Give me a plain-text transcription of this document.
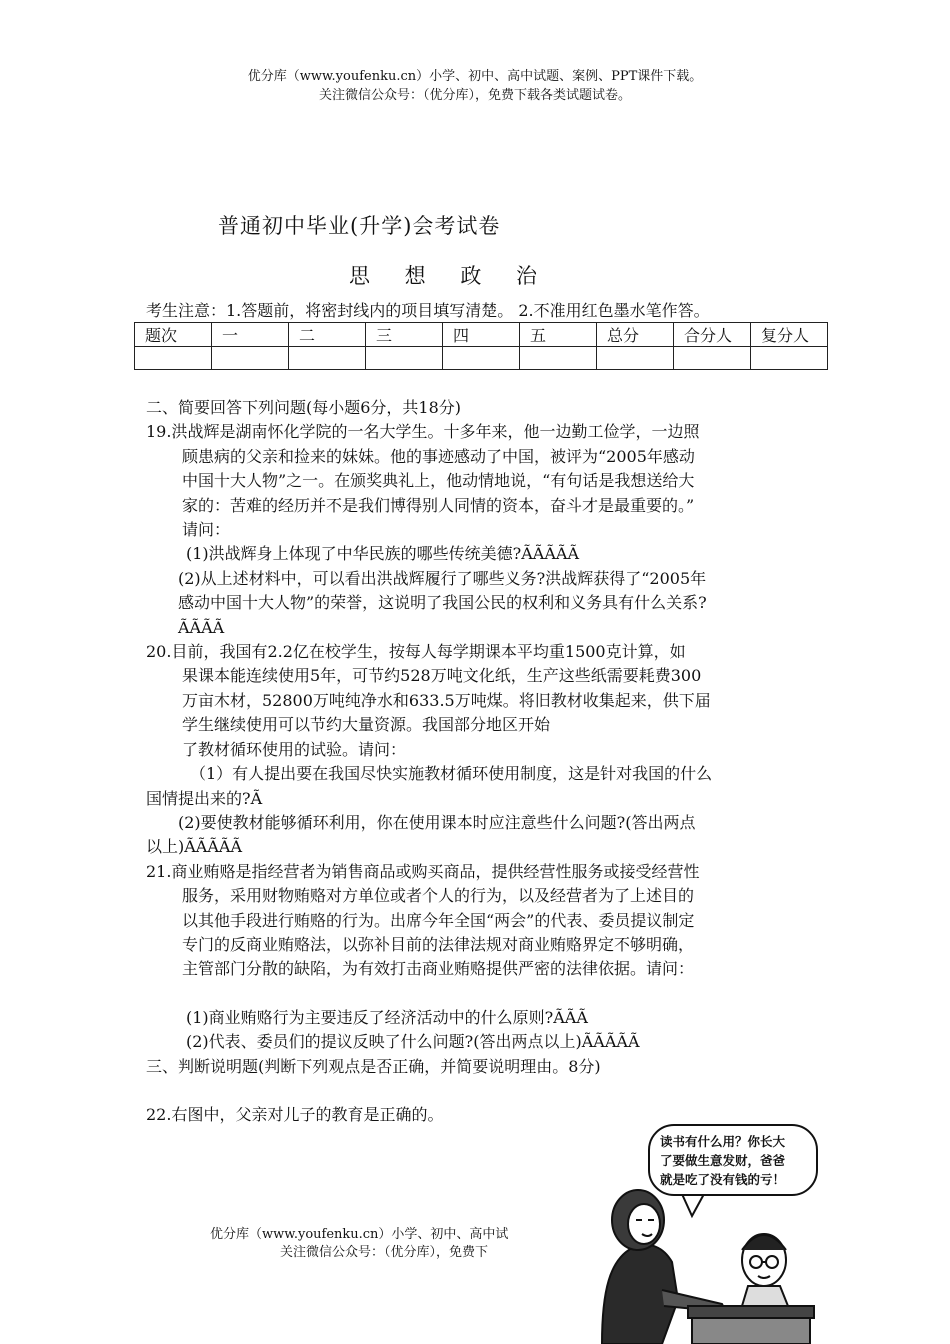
优分库（www.youfenku.cn）小学、初中、高中试题、案例、PPT课件下载。
关注微信公众号：（优分库），免费下载各类试题试卷。
普通初中毕业(升学)会考试卷
思 想 政 治
考生注意：1.答题前，将密封线内的项目填写清楚。 2.不准用红色墨水笔作答。
题次	一	二	三	四	五	总分	合分人	复分人

二、简要回答下列问题(每小题6分，共18分)

19.洪战辉是湖南怀化学院的一名大学生。十多年来，他一边勤工俭学，一边照

顾患病的父亲和捡来的妹妹。他的事迹感动了中国，被评为“2005年感动

中国十大人物”之一。在颁奖典礼上，他动情地说，“有句话是我想送给大

家的：苦难的经历并不是我们博得别人同情的资本，奋斗才是最重要的。”

请问：

(1)洪战辉身上体现了中华民族的哪些传统美德?ÃÃÃÃÃ

(2)从上述材料中，可以看出洪战辉履行了哪些义务?洪战辉获得了“2005年

感动中国十大人物”的荣誉，这说明了我国公民的权利和义务具有什么关系?

ÃÃÃÃ

20.目前，我国有2.2亿在校学生，按每人每学期课本平均重1500克计算，如

果课本能连续使用5年，可节约528万吨文化纸，生产这些纸需要耗费300

万亩木材，52800万吨纯净水和633.5万吨煤。将旧教材收集起来，供下届

学生继续使用可以节约大量资源。我国部分地区开始

了教材循环使用的试验。请问：

（1）有人提出要在我国尽快实施教材循环使用制度，这是针对我国的什么

国情提出来的?Ã

(2)要使教材能够循环利用，你在使用课本时应注意些什么问题?(答出两点

以上)ÃÃÃÃÃ

21.商业贿赂是指经营者为销售商品或购买商品，提供经营性服务或接受经营性

服务，采用财物贿赂对方单位或者个人的行为，以及经营者为了上述目的

以其他手段进行贿赂的行为。出席今年全国“两会”的代表、委员提议制定

专门的反商业贿赂法，以弥补目前的法律法规对商业贿赂界定不够明确，

主管部门分散的缺陷，为有效打击商业贿赂提供严密的法律依据。请问：

(1)商业贿赂行为主要违反了经济活动中的什么原则?ÃÃÃ

(2)代表、委员们的提议反映了什么问题?(答出两点以上)ÃÃÃÃÃ

三、判断说明题(判断下列观点是否正确，并简要说明理由。8分)

22.右图中，父亲对儿子的教育是正确的。

读书有什么用？你长大
了要做生意发财，爸爸
就是吃了没有钱的亏！
优分库（www.youfenku.cn）小学、初中、高中试
关注微信公众号：（优分库），免费下
